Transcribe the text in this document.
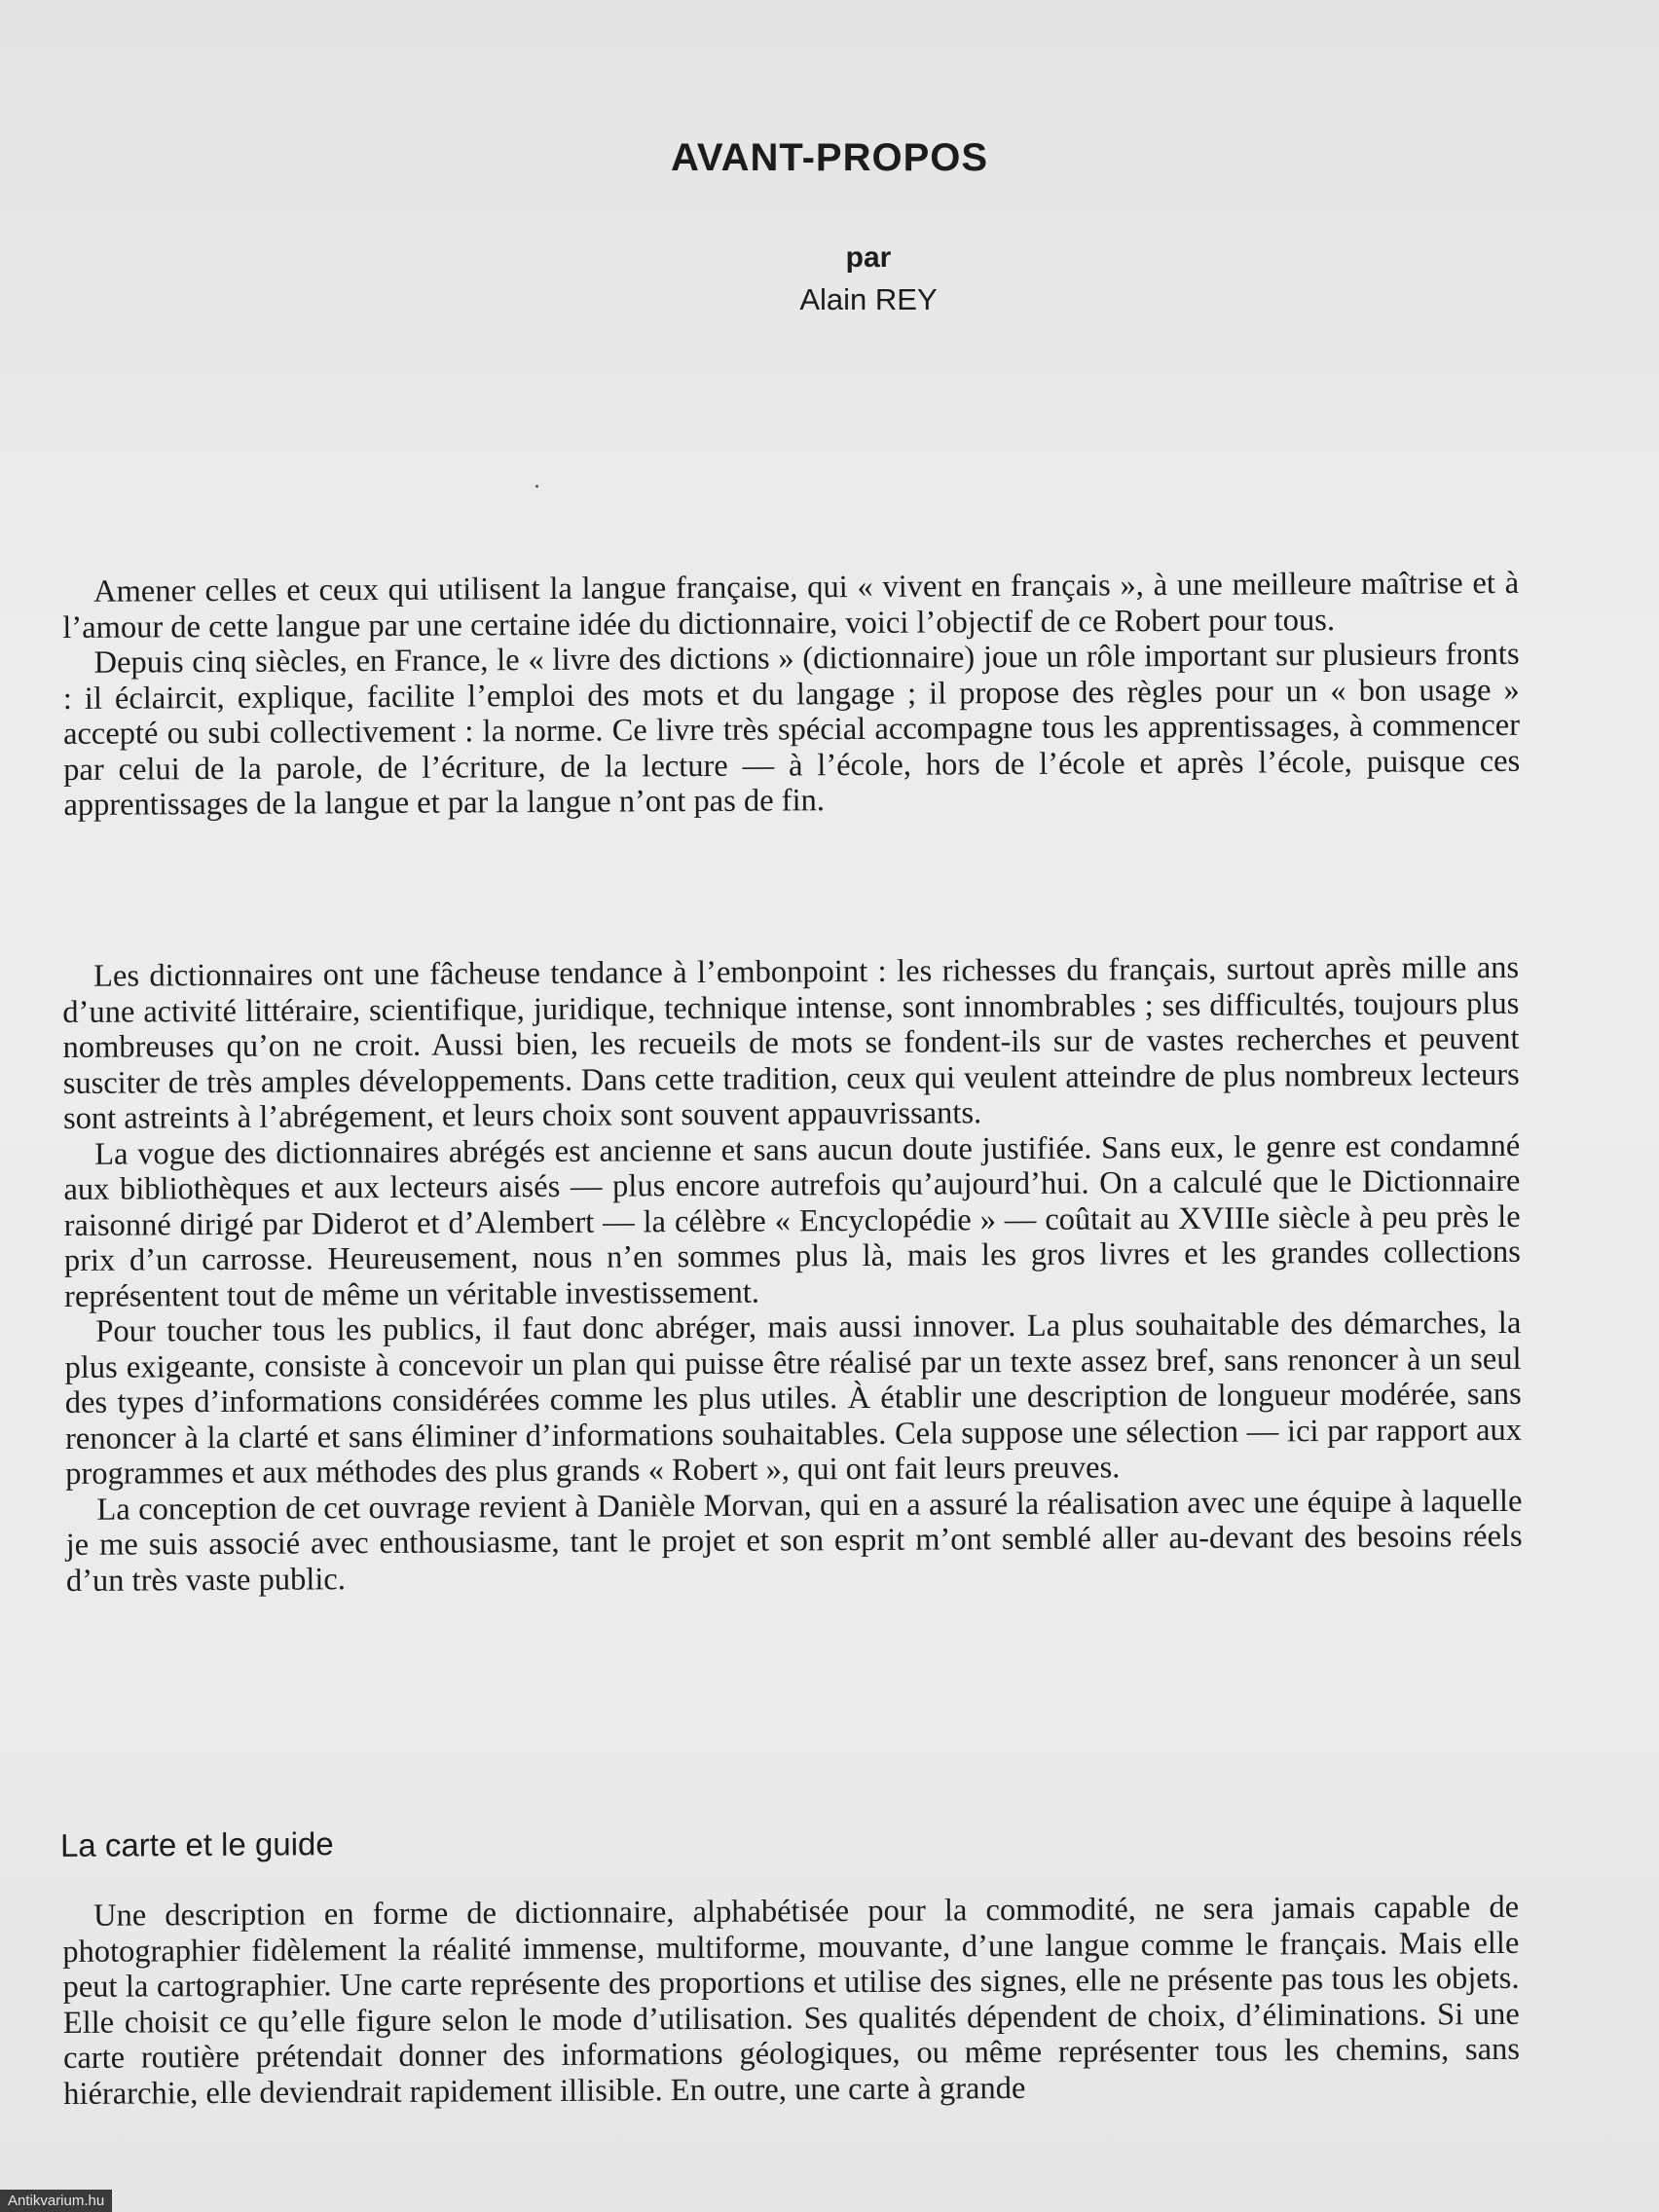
AVANT-PROPOS
par
Alain REY

Amener celles et ceux qui utilisent la langue française, qui « vivent en français », à une meilleure maîtrise et à l’amour de cette langue par une certaine idée du dictionnaire, voici l’objectif de ce Robert pour tous.

Depuis cinq siècles, en France, le « livre des dictions » (dictionnaire) joue un rôle important sur plusieurs fronts : il éclaircit, explique, facilite l’emploi des mots et du langage ; il propose des règles pour un « bon usage » accepté ou subi collectivement : la norme. Ce livre très spécial accompagne tous les apprentissages, à commencer par celui de la parole, de l’écriture, de la lecture — à l’école, hors de l’école et après l’école, puisque ces apprentissages de la langue et par la langue n’ont pas de fin.

Les dictionnaires ont une fâcheuse tendance à l’embonpoint : les richesses du français, surtout après mille ans d’une activité littéraire, scientifique, juridique, technique intense, sont innombrables ; ses difficultés, toujours plus nombreuses qu’on ne croit. Aussi bien, les recueils de mots se fondent-ils sur de vastes recherches et peuvent susciter de très amples développements. Dans cette tradition, ceux qui veulent atteindre de plus nombreux lecteurs sont astreints à l’abrégement, et leurs choix sont souvent appauvrissants.

La vogue des dictionnaires abrégés est ancienne et sans aucun doute justifiée. Sans eux, le genre est condamné aux bibliothèques et aux lecteurs aisés — plus encore autrefois qu’aujourd’hui. On a calculé que le Dictionnaire raisonné dirigé par Diderot et d’Alembert — la célèbre « Encyclopédie » — coûtait au XVIIIe siècle à peu près le prix d’un carrosse. Heureusement, nous n’en sommes plus là, mais les gros livres et les grandes collections représentent tout de même un véritable investissement.

Pour toucher tous les publics, il faut donc abréger, mais aussi innover. La plus souhaitable des démarches, la plus exigeante, consiste à concevoir un plan qui puisse être réalisé par un texte assez bref, sans renoncer à un seul des types d’informations considérées comme les plus utiles. À établir une description de longueur modérée, sans renoncer à la clarté et sans éliminer d’informations souhaitables. Cela suppose une sélection — ici par rapport aux programmes et aux méthodes des plus grands « Robert », qui ont fait leurs preuves.

La conception de cet ouvrage revient à Danièle Morvan, qui en a assuré la réalisation avec une équipe à laquelle je me suis associé avec enthousiasme, tant le projet et son esprit m’ont semblé aller au-devant des besoins réels d’un très vaste public.

La carte et le guide

Une description en forme de dictionnaire, alphabétisée pour la commodité, ne sera jamais capable de photographier fidèlement la réalité immense, multiforme, mouvante, d’une langue comme le français. Mais elle peut la cartographier. Une carte représente des proportions et utilise des signes, elle ne présente pas tous les objets. Elle choisit ce qu’elle figure selon le mode d’utilisation. Ses qualités dépendent de choix, d’éliminations. Si une carte routière prétendait donner des informations géologiques, ou même représenter tous les chemins, sans hiérarchie, elle deviendrait rapidement illisible. En outre, une carte à grande

Antikvarium.hu
